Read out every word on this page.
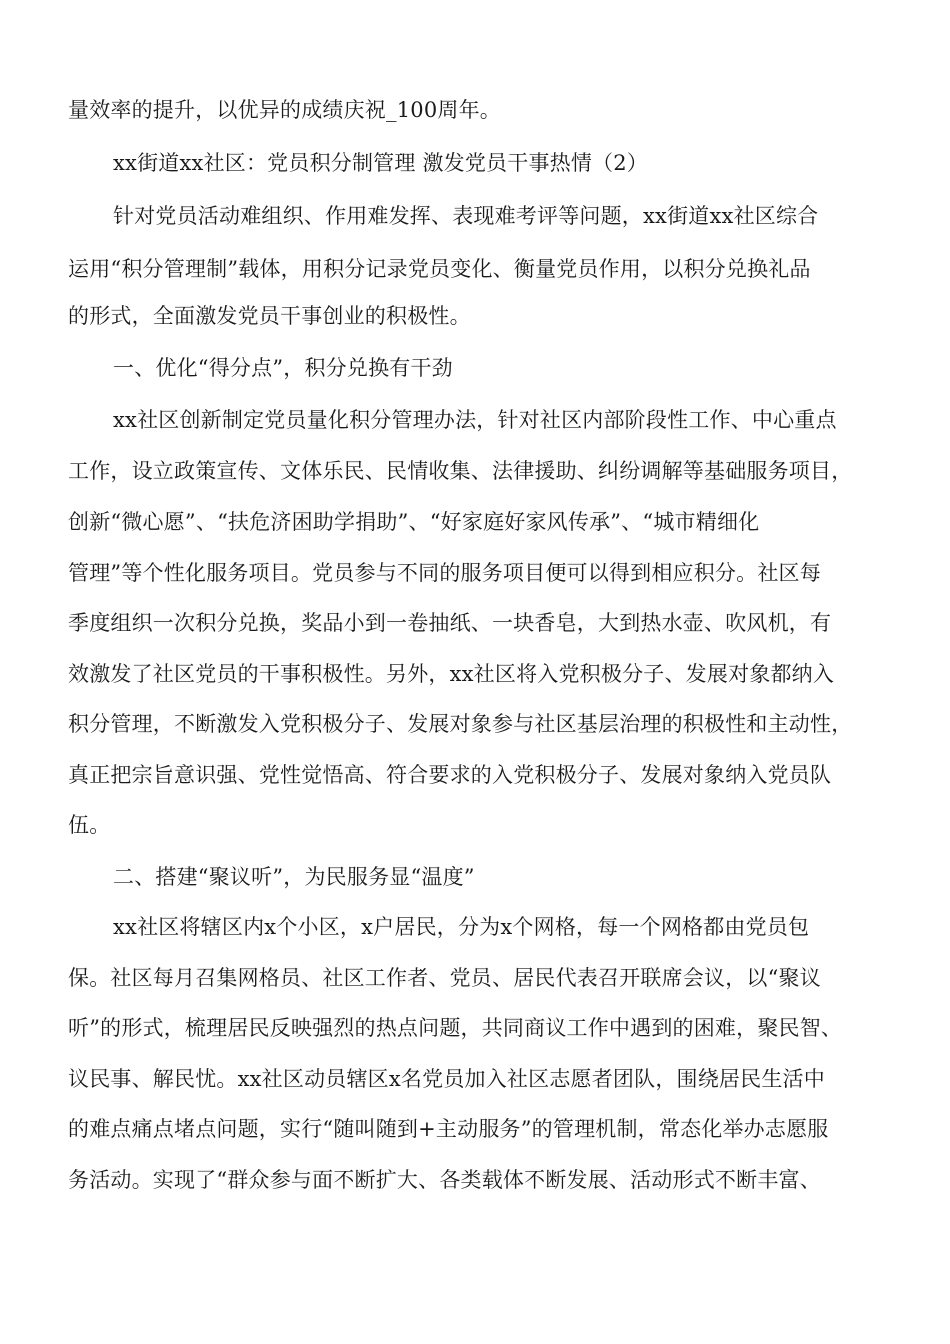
量效率的提升，以优异的成绩庆祝_100周年。
xx街道xx社区：党员积分制管理 激发党员干事热情（2）
针对党员活动难组织、作用难发挥、表现难考评等问题，xx街道xx社区综合
运用“积分管理制”载体，用积分记录党员变化、衡量党员作用，以积分兑换礼品
的形式，全面激发党员干事创业的积极性。
一、优化“得分点”，积分兑换有干劲
xx社区创新制定党员量化积分管理办法，针对社区内部阶段性工作、中心重点
工作，设立政策宣传、文体乐民、民情收集、法律援助、纠纷调解等基础服务项目，
创新“微心愿”、“扶危济困助学捐助”、“好家庭好家风传承”、“城市精细化
管理”等个性化服务项目。党员参与不同的服务项目便可以得到相应积分。社区每
季度组织一次积分兑换，奖品小到一卷抽纸、一块香皂，大到热水壶、吹风机，有
效激发了社区党员的干事积极性。另外，xx社区将入党积极分子、发展对象都纳入
积分管理，不断激发入党积极分子、发展对象参与社区基层治理的积极性和主动性，
真正把宗旨意识强、党性觉悟高、符合要求的入党积极分子、发展对象纳入党员队
伍。
二、搭建“聚议听”，为民服务显“温度”
xx社区将辖区内x个小区，x户居民，分为x个网格，每一个网格都由党员包
保。社区每月召集网格员、社区工作者、党员、居民代表召开联席会议，以“聚议
听”的形式，梳理居民反映强烈的热点问题，共同商议工作中遇到的困难，聚民智、
议民事、解民忧。xx社区动员辖区x名党员加入社区志愿者团队，围绕居民生活中
的难点痛点堵点问题，实行“随叫随到+主动服务”的管理机制，常态化举办志愿服
务活动。实现了“群众参与面不断扩大、各类载体不断发展、活动形式不断丰富、
